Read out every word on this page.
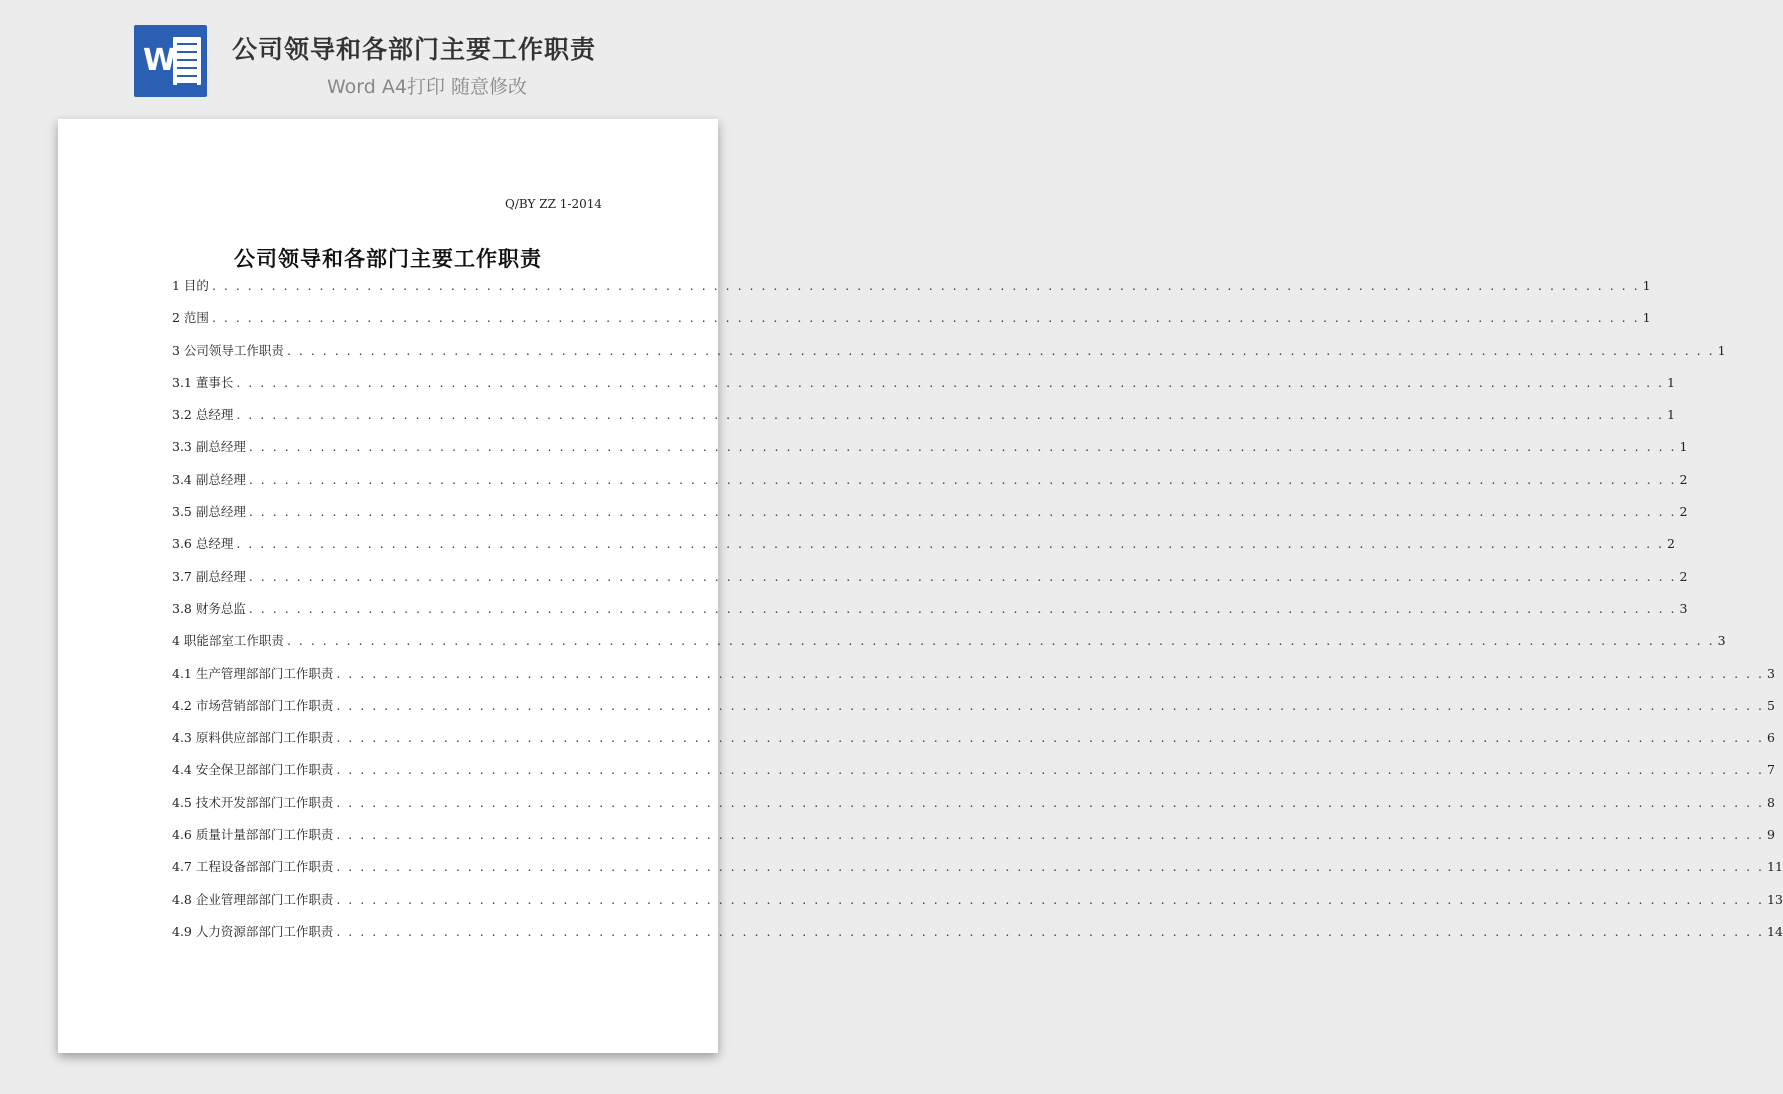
W 公司领导和各部门主要工作职责
Word A4打印 随意修改
Q/BY ZZ 1-2014
公司领导和各部门主要工作职责
1 目的 . . . . . . . . . . . . . . . . . . . . . . . . . . . . . . . . . . . . . . . . . . . . . . . . . . . . . . . . . . . . . . . . . . . . . . . . . . . . . . . . . . . . . . . . . . . . . . . . . . . . . . . . . . . . . . . . . . . . . . . . 1
2 范围 . . . . . . . . . . . . . . . . . . . . . . . . . . . . . . . . . . . . . . . . . . . . . . . . . . . . . . . . . . . . . . . . . . . . . . . . . . . . . . . . . . . . . . . . . . . . . . . . . . . . . . . . . . . . . . . . . . . . . . . . 1
3 公司领导工作职责 . . . . . . . . . . . . . . . . . . . . . . . . . . . . . . . . . . . . . . . . . . . . . . . . . . . . . . . . . . . . . . . . . . . . . . . . . . . . . . . . . . . . . . . . . . . . . . . . . . . . . . . . . . . . . . . . . . . . . . . . 1
3.1 董事长 . . . . . . . . . . . . . . . . . . . . . . . . . . . . . . . . . . . . . . . . . . . . . . . . . . . . . . . . . . . . . . . . . . . . . . . . . . . . . . . . . . . . . . . . . . . . . . . . . . . . . . . . . . . . . . . . . . . . . . . . 1
3.2 总经理 . . . . . . . . . . . . . . . . . . . . . . . . . . . . . . . . . . . . . . . . . . . . . . . . . . . . . . . . . . . . . . . . . . . . . . . . . . . . . . . . . . . . . . . . . . . . . . . . . . . . . . . . . . . . . . . . . . . . . . . . 1
3.3 副总经理 . . . . . . . . . . . . . . . . . . . . . . . . . . . . . . . . . . . . . . . . . . . . . . . . . . . . . . . . . . . . . . . . . . . . . . . . . . . . . . . . . . . . . . . . . . . . . . . . . . . . . . . . . . . . . . . . . . . . . . . . 1
3.4 副总经理 . . . . . . . . . . . . . . . . . . . . . . . . . . . . . . . . . . . . . . . . . . . . . . . . . . . . . . . . . . . . . . . . . . . . . . . . . . . . . . . . . . . . . . . . . . . . . . . . . . . . . . . . . . . . . . . . . . . . . . . . 2
3.5 副总经理 . . . . . . . . . . . . . . . . . . . . . . . . . . . . . . . . . . . . . . . . . . . . . . . . . . . . . . . . . . . . . . . . . . . . . . . . . . . . . . . . . . . . . . . . . . . . . . . . . . . . . . . . . . . . . . . . . . . . . . . . 2
3.6 总经理 . . . . . . . . . . . . . . . . . . . . . . . . . . . . . . . . . . . . . . . . . . . . . . . . . . . . . . . . . . . . . . . . . . . . . . . . . . . . . . . . . . . . . . . . . . . . . . . . . . . . . . . . . . . . . . . . . . . . . . . . 2
3.7 副总经理 . . . . . . . . . . . . . . . . . . . . . . . . . . . . . . . . . . . . . . . . . . . . . . . . . . . . . . . . . . . . . . . . . . . . . . . . . . . . . . . . . . . . . . . . . . . . . . . . . . . . . . . . . . . . . . . . . . . . . . . . 2
3.8 财务总监 . . . . . . . . . . . . . . . . . . . . . . . . . . . . . . . . . . . . . . . . . . . . . . . . . . . . . . . . . . . . . . . . . . . . . . . . . . . . . . . . . . . . . . . . . . . . . . . . . . . . . . . . . . . . . . . . . . . . . . . . 3
4 职能部室工作职责 . . . . . . . . . . . . . . . . . . . . . . . . . . . . . . . . . . . . . . . . . . . . . . . . . . . . . . . . . . . . . . . . . . . . . . . . . . . . . . . . . . . . . . . . . . . . . . . . . . . . . . . . . . . . . . . . . . . . . . . . 3
4.1 生产管理部部门工作职责 . . . . . . . . . . . . . . . . . . . . . . . . . . . . . . . . . . . . . . . . . . . . . . . . . . . . . . . . . . . . . . . . . . . . . . . . . . . . . . . . . . . . . . . . . . . . . . . . . . . . . . . . . . . . . . . . . . . . . . . . 3
4.2 市场营销部部门工作职责 . . . . . . . . . . . . . . . . . . . . . . . . . . . . . . . . . . . . . . . . . . . . . . . . . . . . . . . . . . . . . . . . . . . . . . . . . . . . . . . . . . . . . . . . . . . . . . . . . . . . . . . . . . . . . . . . . . . . . . . . 5
4.3 原料供应部部门工作职责 . . . . . . . . . . . . . . . . . . . . . . . . . . . . . . . . . . . . . . . . . . . . . . . . . . . . . . . . . . . . . . . . . . . . . . . . . . . . . . . . . . . . . . . . . . . . . . . . . . . . . . . . . . . . . . . . . . . . . . . . 6
4.4 安全保卫部部门工作职责 . . . . . . . . . . . . . . . . . . . . . . . . . . . . . . . . . . . . . . . . . . . . . . . . . . . . . . . . . . . . . . . . . . . . . . . . . . . . . . . . . . . . . . . . . . . . . . . . . . . . . . . . . . . . . . . . . . . . . . . . 7
4.5 技术开发部部门工作职责 . . . . . . . . . . . . . . . . . . . . . . . . . . . . . . . . . . . . . . . . . . . . . . . . . . . . . . . . . . . . . . . . . . . . . . . . . . . . . . . . . . . . . . . . . . . . . . . . . . . . . . . . . . . . . . . . . . . . . . . . 8
4.6 质量计量部部门工作职责 . . . . . . . . . . . . . . . . . . . . . . . . . . . . . . . . . . . . . . . . . . . . . . . . . . . . . . . . . . . . . . . . . . . . . . . . . . . . . . . . . . . . . . . . . . . . . . . . . . . . . . . . . . . . . . . . . . . . . . . . 9
4.7 工程设备部部门工作职责 . . . . . . . . . . . . . . . . . . . . . . . . . . . . . . . . . . . . . . . . . . . . . . . . . . . . . . . . . . . . . . . . . . . . . . . . . . . . . . . . . . . . . . . . . . . . . . . . . . . . . . . . . . . . . . . . . . . . . . . . 11
4.8 企业管理部部门工作职责 . . . . . . . . . . . . . . . . . . . . . . . . . . . . . . . . . . . . . . . . . . . . . . . . . . . . . . . . . . . . . . . . . . . . . . . . . . . . . . . . . . . . . . . . . . . . . . . . . . . . . . . . . . . . . . . . . . . . . . . . 13
4.9 人力资源部部门工作职责 . . . . . . . . . . . . . . . . . . . . . . . . . . . . . . . . . . . . . . . . . . . . . . . . . . . . . . . . . . . . . . . . . . . . . . . . . . . . . . . . . . . . . . . . . . . . . . . . . . . . . . . . . . . . . . . . . . . . . . . . 14
